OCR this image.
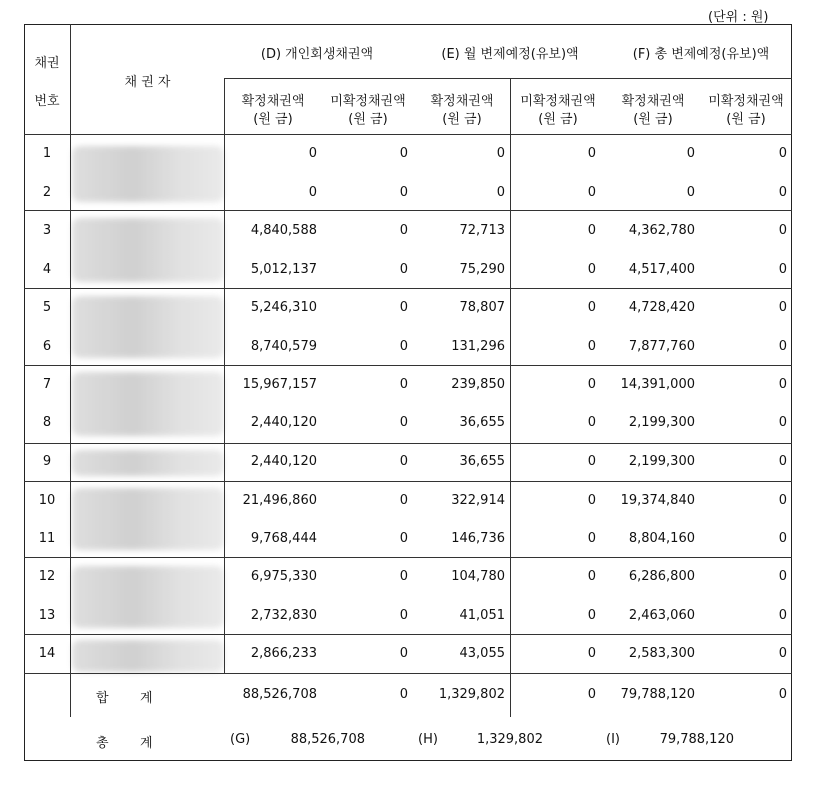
(단위 : 원)
채권
번호
채 권 자
(D) 개인회생채권액	(E) 월 변제예정(유보)액	(F) 총 변제예정(유보)액
확정채권액
(원 금)
미확정채권액
(원 금)
확정채권액
(원 금)
미확정채권액
(원 금)
확정채권액
(원 금)
미확정채권액
(원 금)
1	0	0	0	0	0	0
2	0	0	0	0	0	0
3	4,840,588	0	72,713	0	4,362,780	0
4	5,012,137	0	75,290	0	4,517,400	0
5	5,246,310	0	78,807	0	4,728,420	0
6	8,740,579	0	131,296	0	7,877,760	0
7	15,967,157	0	239,850	0	14,391,000	0
8	2,440,120	0	36,655	0	2,199,300	0
9	2,440,120	0	36,655	0	2,199,300	0
10	21,496,860	0	322,914	0	19,374,840	0
11	9,768,444	0	146,736	0	8,804,160	0
12	6,975,330	0	104,780	0	6,286,800	0
13	2,732,830	0	41,051	0	2,463,060	0
14	2,866,233	0	43,055	0	2,583,300	0
합 계	88,526,708	0	1,329,802	0	79,788,120	0
총 계	(G)	88,526,708	(H)	1,329,802	(I)	79,788,120
